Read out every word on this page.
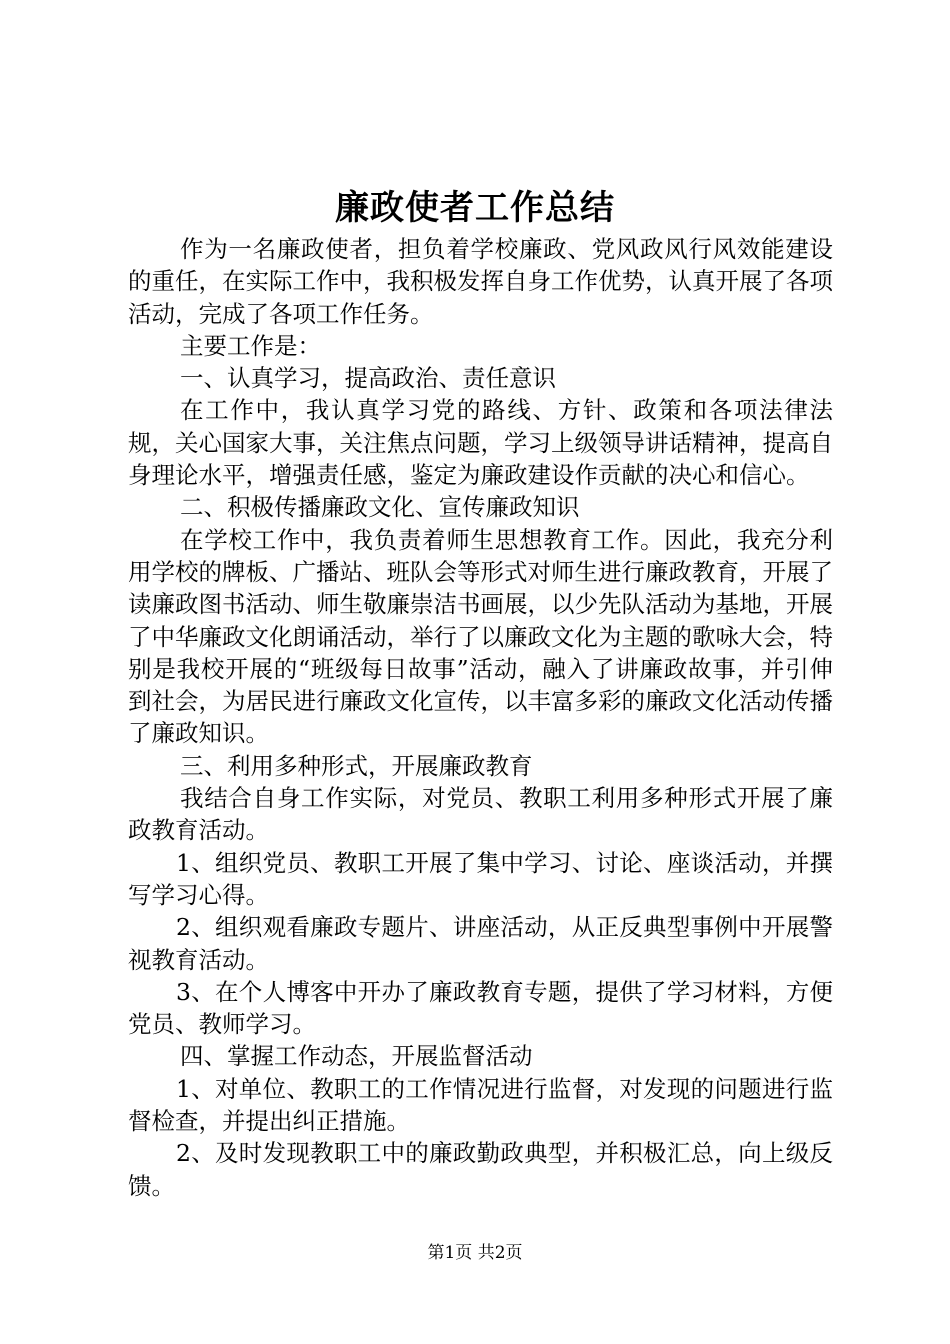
廉政使者工作总结

作为一名廉政使者，担负着学校廉政、党风政风行风效能建设的重任，在实际工作中，我积极发挥自身工作优势，认真开展了各项活动，完成了各项工作任务。

主要工作是：

一、认真学习，提高政治、责任意识

在工作中，我认真学习党的路线、方针、政策和各项法律法规，关心国家大事，关注焦点问题，学习上级领导讲话精神，提高自身理论水平，增强责任感，鉴定为廉政建设作贡献的决心和信心。

二、积极传播廉政文化、宣传廉政知识

在学校工作中，我负责着师生思想教育工作。因此，我充分利用学校的牌板、广播站、班队会等形式对师生进行廉政教育，开展了读廉政图书活动、师生敬廉崇洁书画展，以少先队活动为基地，开展了中华廉政文化朗诵活动，举行了以廉政文化为主题的歌咏大会，特别是我校开展的“班级每日故事”活动，融入了讲廉政故事，并引伸到社会，为居民进行廉政文化宣传，以丰富多彩的廉政文化活动传播了廉政知识。

三、利用多种形式，开展廉政教育

我结合自身工作实际，对党员、教职工利用多种形式开展了廉政教育活动。

1、组织党员、教职工开展了集中学习、讨论、座谈活动，并撰写学习心得。

2、组织观看廉政专题片、讲座活动，从正反典型事例中开展警视教育活动。

3、在个人博客中开办了廉政教育专题，提供了学习材料，方便党员、教师学习。

四、掌握工作动态，开展监督活动

1、对单位、教职工的工作情况进行监督，对发现的问题进行监督检查，并提出纠正措施。

2、及时发现教职工中的廉政勤政典型，并积极汇总，向上级反馈。

第1页 共2页
